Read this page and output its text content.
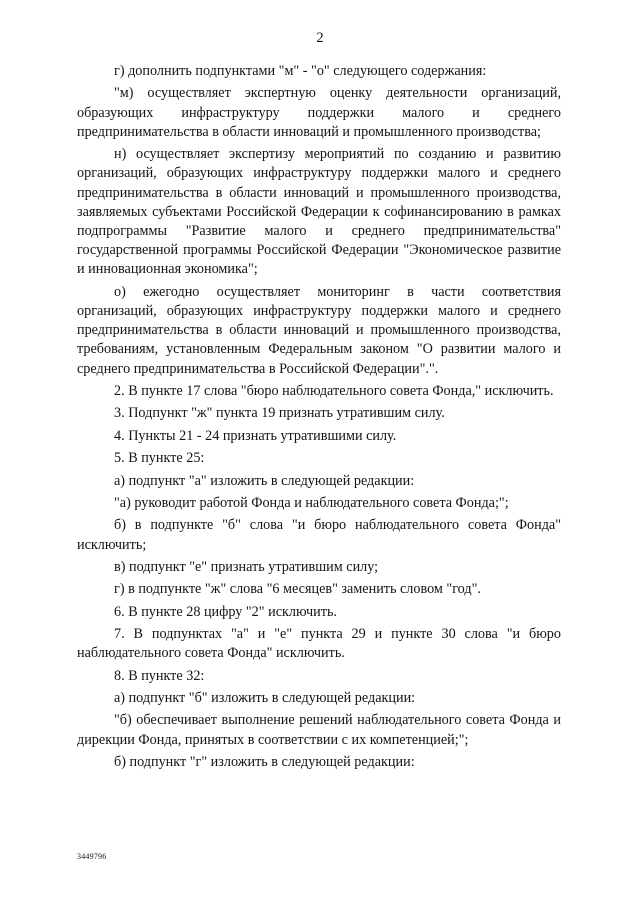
2

г) дополнить подпунктами "м" - "о" следующего содержания:

"м) осуществляет экспертную оценку деятельности организаций, образующих инфраструктуру поддержки малого и среднего предпринимательства в области инноваций и промышленного производства;

н) осуществляет экспертизу мероприятий по созданию и развитию организаций, образующих инфраструктуру поддержки малого и среднего предпринимательства в области инноваций и промышленного производства, заявляемых субъектами Российской Федерации к софинансированию в рамках подпрограммы "Развитие малого и среднего предпринимательства" государственной программы Российской Федерации "Экономическое развитие и инновационная экономика";

о) ежегодно осуществляет мониторинг в части соответствия организаций, образующих инфраструктуру поддержки малого и среднего предпринимательства в области инноваций и промышленного производства, требованиям, установленным Федеральным законом "О развитии малого и среднего предпринимательства в Российской Федерации".".

2. В пункте 17 слова "бюро наблюдательного совета Фонда," исключить.

3. Подпункт "ж" пункта 19 признать утратившим силу.

4. Пункты 21 - 24 признать утратившими силу.

5. В пункте 25:

а) подпункт "а" изложить в следующей редакции:

"а) руководит работой Фонда и наблюдательного совета Фонда;";

б) в подпункте "б" слова "и бюро наблюдательного совета Фонда" исключить;

в) подпункт "е" признать утратившим силу;

г) в подпункте "ж" слова "6 месяцев" заменить словом "год".

6. В пункте 28 цифру "2" исключить.

7. В подпунктах "а" и "е" пункта 29 и пункте 30 слова "и бюро наблюдательного совета Фонда" исключить.

8. В пункте 32:

а) подпункт "б" изложить в следующей редакции:

"б) обеспечивает выполнение решений наблюдательного совета Фонда и дирекции Фонда, принятых в соответствии с их компетенцией;";

б) подпункт "г" изложить в следующей редакции:

3449796
